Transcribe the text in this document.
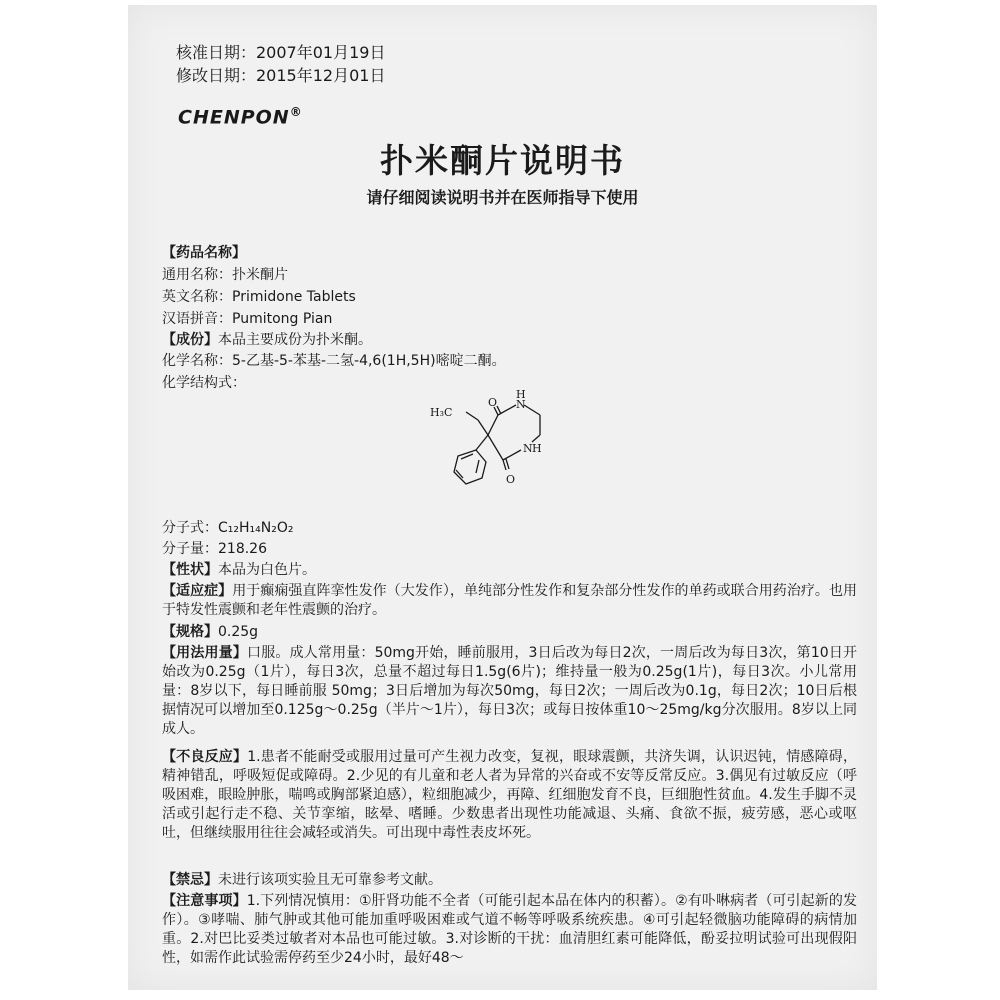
核准日期：2007年01月19日
修改日期：2015年12月01日
CHENPON®
扑米酮片说明书
请仔细阅读说明书并在医师指导下使用
【药品名称】
通用名称：扑米酮片
英文名称：Primidone Tablets
汉语拼音：Pumitong Pian
【成份】本品主要成份为扑米酮。
化学名称：5-乙基-5-苯基-二氢-4,6(1H,5H)嘧啶二酮。
化学结构式：
H₃C
O N
H
N H
O
分子式：C₁₂H₁₄N₂O₂
分子量：218.26
【性状】本品为白色片。
【适应症】用于癫痫强直阵挛性发作（大发作），单纯部分性发作和复杂部分性发作的单药或联合用药治疗。也用于特发性震颤和老年性震颤的治疗。
【规格】0.25g
【用法用量】口服。成人常用量：50mg开始，睡前服用，3日后改为每日2次，一周后改为每日3次，第10日开始改为0.25g（1片），每日3次，总量不超过每日1.5g(6片)；维持量一般为0.25g(1片)，每日3次。小儿常用量：8岁以下，每日睡前服 50mg；3日后增加为每次50mg，每日2次；一周后改为0.1g，每日2次；10日后根据情况可以增加至0.125g～0.25g（半片～1片），每日3次；或每日按体重10～25mg/kg分次服用。8岁以上同成人。
【不良反应】1.患者不能耐受或服用过量可产生视力改变，复视，眼球震颤，共济失调，认识迟钝，情感障碍，精神错乱，呼吸短促或障碍。2.少见的有儿童和老人者为异常的兴奋或不安等反常反应。3.偶见有过敏反应（呼吸困难，眼睑肿胀，喘鸣或胸部紧迫感），粒细胞减少，再障、红细胞发育不良，巨细胞性贫血。4.发生手脚不灵活或引起行走不稳、关节挛缩，眩晕、嗜睡。少数患者出现性功能减退、头痛、食欲不振，疲劳感，恶心或呕吐，但继续服用往往会减轻或消失。可出现中毒性表皮坏死。
【禁忌】未进行该项实验且无可靠参考文献。
【注意事项】1.下列情况慎用：①肝肾功能不全者（可能引起本品在体内的积蓄）。②有卟啉病者（可引起新的发作）。③哮喘、肺气肿或其他可能加重呼吸困难或气道不畅等呼吸系统疾患。④可引起轻微脑功能障碍的病情加重。2.对巴比妥类过敏者对本品也可能过敏。3.对诊断的干扰：血清胆红素可能降低，酚妥拉明试验可出现假阳性，如需作此试验需停药至少24小时，最好48～
